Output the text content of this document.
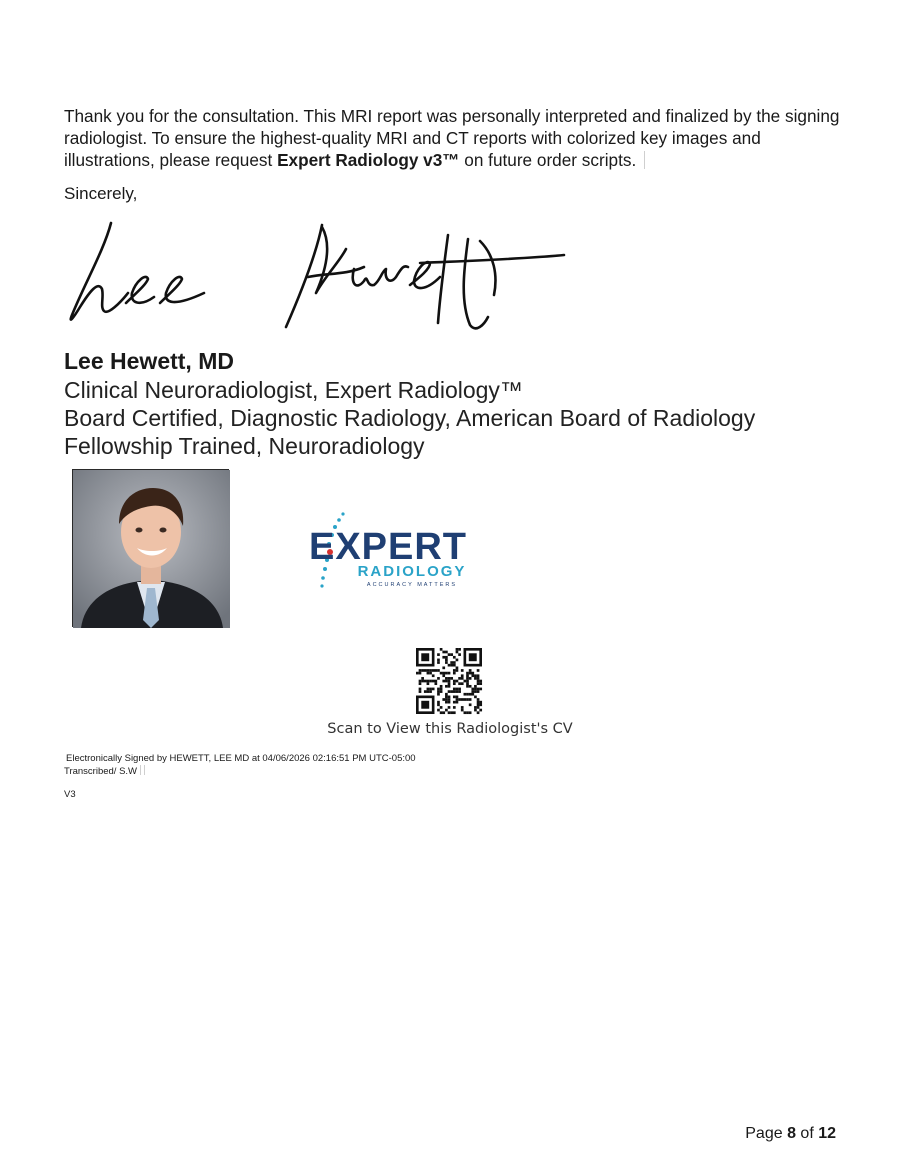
Thank you for the consultation. This MRI report was personally interpreted and finalized by the signing radiologist. To ensure the highest-quality MRI and CT reports with colorized key images and illustrations, please request Expert Radiology v3™ on future order scripts.
Sincerely,
Lee Hewett
Lee Hewett, MD
Clinical Neuroradiologist, Expert Radiology™
Board Certified, Diagnostic Radiology, American Board of Radiology
Fellowship Trained, Neuroradiology
EXPERT
RADIOLOGY
ACCURACY MATTERS
Scan to View this Radiologist's CV
Electronically Signed by HEWETT, LEE MD at 04/06/2026 02:16:51 PM UTC-05:00
Transcribed/ S.W
V3
Page 8 of 12
